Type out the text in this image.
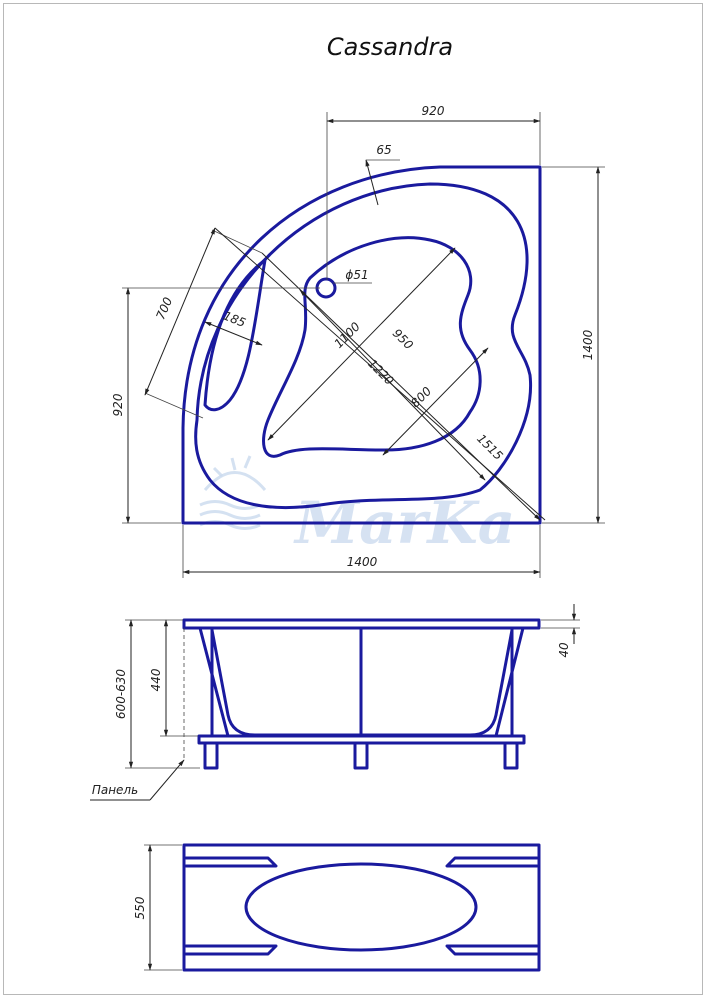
Cassandra
MarKa
920
65
ϕ51
700	185
1100 950
1220
800
1515
1400
920
1400
600-630 440
40
Панель
550
